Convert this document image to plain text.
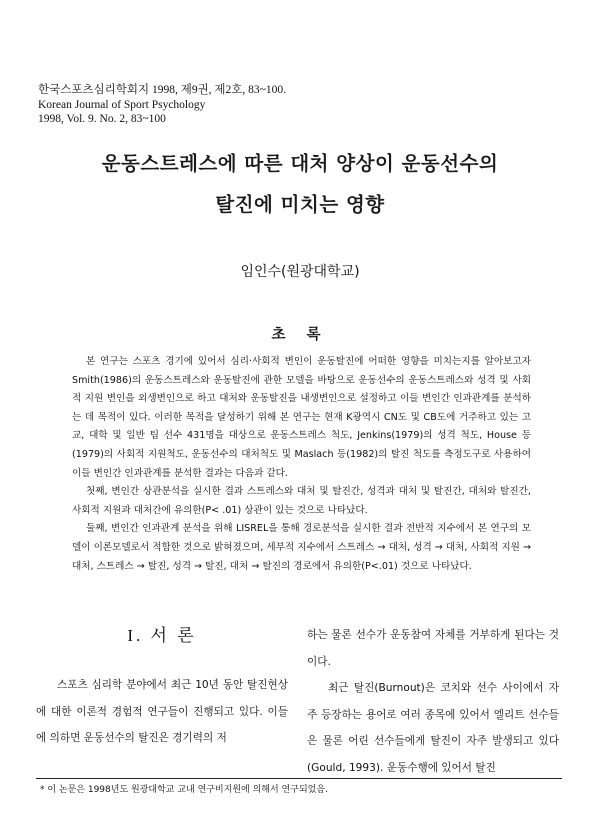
한국스포츠심리학회지 1998, 제9권, 제2호, 83~100.
Korean Journal of Sport Psychology
1998, Vol. 9. No. 2, 83~100
운동스트레스에 따른 대처 양상이 운동선수의
탈진에 미치는 영향
임인수(원광대학교)
초 록

본 연구는 스포츠 경기에 있어서 심리·사회적 변인이 운동탈진에 어떠한 영향을 미치는지를 알아보고자 Smith(1986)의 운동스트레스와 운동탈진에 관한 모델을 바탕으로 운동선수의 운동스트레스와 성격 및 사회적 지원 변인을 외생변인으로 하고 대처와 운동탈진을 내생변인으로 설정하고 이들 변인간 인과관계를 분석하는 데 목적이 있다. 이러한 목적을 달성하기 위해 본 연구는 현재 K광역시 CN도 및 CB도에 거주하고 있는 고교, 대학 및 일반 팀 선수 431명을 대상으로 운동스트레스 척도, Jenkins(1979)의 성격 척도, House 등(1979)의 사회적 지원척도, 운동선수의 대처척도 및 Maslach 등(1982)의 탈진 척도를 측정도구로 사용하여 이들 변인간 인과관계를 분석한 결과는 다음과 같다.

첫째, 변인간 상관분석을 실시한 결과 스트레스와 대처 및 탈진간, 성격과 대처 및 탈진간, 대처와 탈진간, 사회적 지원과 대처간에 유의한(P< .01) 상관이 있는 것으로 나타났다.

둘째, 변인간 인과관계 분석을 위해 LISREL을 통해 경로분석을 실시한 결과 전반적 지수에서 본 연구의 모델이 이론모델로서 적합한 것으로 밝혀졌으며, 세부적 지수에서 스트레스 → 대처, 성격 → 대처, 사회적 지원 → 대처, 스트레스 → 탈진, 성격 → 탈진, 대처 → 탈진의 경로에서 유의한(P<.01) 것으로 나타났다.

I. 서 론

스포츠 심리학 분야에서 최근 10년 동안 탈진현상에 대한 이론적 경험적 연구들이 진행되고 있다. 이들에 의하면 운동선수의 탈진은 경기력의 저

하는 물론 선수가 운동참여 자체를 거부하게 된다는 것이다.

최근 탈진(Burnout)은 코치와 선수 사이에서 자주 등장하는 용어로 여러 종목에 있어서 엘리트 선수들은 물론 어린 선수들에게 탈진이 자주 발생되고 있다(Gould, 1993). 운동수행에 있어서 탈진

* 이 논문은 1998년도 원광대학교 교내 연구비지원에 의해서 연구되었음.
